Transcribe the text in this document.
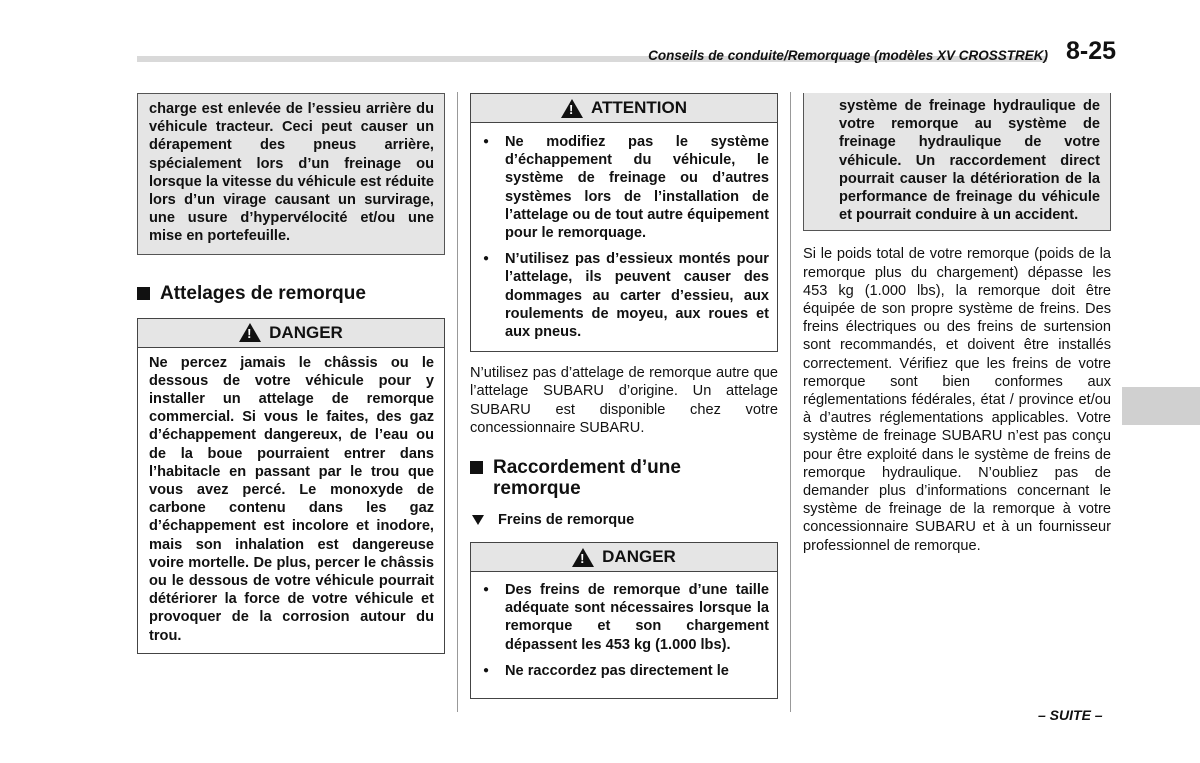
Conseils de conduite/Remorquage (modèles XV CROSSTREK) 8-25
charge est enlevée de l’essieu arrière du véhicule tracteur. Ceci peut causer un dérapement des pneus arrière, spécialement lors d’un freinage ou lorsque la vitesse du véhicule est réduite lors d’un virage causant un survirage, une usure d’hypervélocité et/ou une mise en portefeuille.
Attelages de remorque
!
DANGER
Ne percez jamais le châssis ou le dessous de votre véhicule pour y installer un attelage de remorque commercial. Si vous le faites, des gaz d’échappement dangereux, de l’eau ou de la boue pourraient entrer dans l’habitacle en passant par le trou que vous avez percé. Le monoxyde de carbone contenu dans les gaz d’échappement est incolore et inodore, mais son inhalation est dangereuse voire mortelle. De plus, percer le châssis ou le dessous de votre véhicule pourrait détériorer la force de votre véhicule et provoquer de la corrosion autour du trou.
!
ATTENTION
● Ne modifiez pas le système d’échappement du véhicule, le système de freinage ou d’autres systèmes lors de l’installation de l’attelage ou de tout autre équipement pour le remorquage.
● N’utilisez pas d’essieux montés pour l’attelage, ils peuvent causer des dommages au carter d’essieu, aux roulements de moyeu, aux roues et aux pneus.
N’utilisez pas d’attelage de remorque autre que l’attelage SUBARU d’origine. Un attelage SUBARU est disponible chez votre concessionnaire SUBARU.
Raccordement d’une remorque
Freins de remorque
!
DANGER
● Des freins de remorque d’une taille adéquate sont nécessaires lorsque la remorque et son chargement dépassent les 453 kg (1.000 lbs).
● Ne raccordez pas directement le
système de freinage hydraulique de votre remorque au système de freinage hydraulique de votre véhicule. Un raccordement direct pourrait causer la détérioration de la performance de freinage du véhicule et pourrait conduire à un accident.
Si le poids total de votre remorque (poids de la remorque plus du chargement) dépasse les 453 kg (1.000 lbs), la remorque doit être équipée de son propre système de freins. Des freins électriques ou des freins de surtension sont recommandés, et doivent être installés correctement. Vérifiez que les freins de votre remorque sont bien conformes aux réglementations fédérales, état / province et/ou à d’autres réglementations applicables. Votre système de freinage SUBARU n’est pas conçu pour être exploité dans le système de freins de remorque hydraulique. N’oubliez pas de demander plus d’informations concernant le système de freinage de la remorque à votre concessionnaire SUBARU et à un fournisseur professionnel de remorque.
– SUITE –
